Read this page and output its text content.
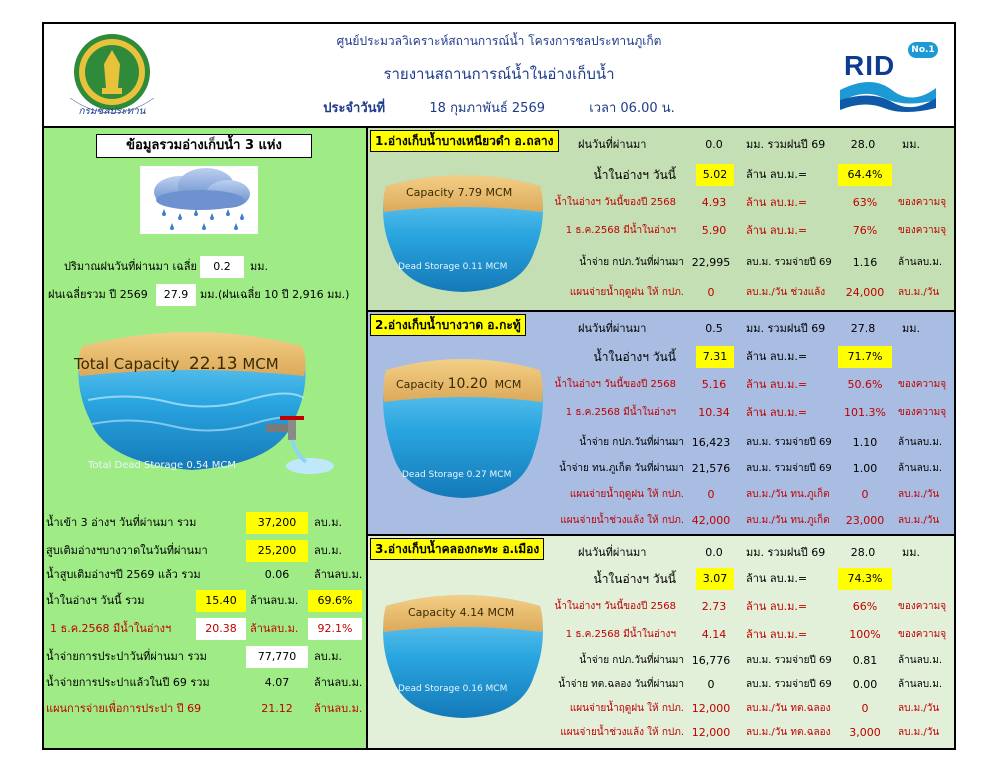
กรมชลประทาน
ศูนย์ประมวลวิเคราะห์สถานการณ์น้ำ โครงการชลประทานภูเก็ต
รายงานสถานการณ์น้ำในอ่างเก็บน้ำ
ประจำวันที่	18 กุมภาพันธ์ 2569	เวลา 06.00 น.
RID	No.1
ข้อมูลรวมอ่างเก็บน้ำ 3 แห่ง
ปริมาณฝนวันที่ผ่านมา เฉลี่ย	0.2	มม.
ฝนเฉลี่ยรวม ปี 2569	27.9	มม.(ฝนเฉลี่ย 10 ปี 2,916 มม.)
Total Capacity 22.13 MCM
Total Dead Storage 0.54 MCM
น้ำเข้า 3 อ่างฯ วันที่ผ่านมา รวม	37,200	ลบ.ม.
สูบเติมอ่างฯบางวาดในวันที่ผ่านมา	25,200	ลบ.ม.
น้ำสูบเติมอ่างฯปี 2569 แล้ว รวม	0.06	ล้านลบ.ม.
น้ำในอ่างฯ วันนี้ รวม	15.40	ล้านลบ.ม.	69.6%
1 ธ.ค.2568 มีน้ำในอ่างฯ	20.38	ล้านลบ.ม.	92.1%
น้ำจ่ายการประปาวันที่ผ่านมา รวม	77,770	ลบ.ม.
น้ำจ่ายการประปาแล้วในปี 69 รวม	4.07	ล้านลบ.ม.
แผนการจ่ายเพื่อการประปา ปี 69	21.12	ล้านลบ.ม.
1.อ่างเก็บน้ำบางเหนียวดำ อ.ถลาง
Capacity 7.79 MCM
Dead Storage 0.11 MCM
ฝนวันที่ผ่านมา	0.0	มม. รวมฝนปี 69	28.0	มม.
น้ำในอ่างฯ วันนี้	5.02	ล้าน ลบ.ม.=	64.4%
น้ำในอ่างฯ วันนี้ของปี 2568	4.93	ล้าน ลบ.ม.=	63%	ของความจุ
1 ธ.ค.2568 มีน้ำในอ่างฯ	5.90	ล้าน ลบ.ม.=	76%	ของความจุ
น้ำจ่าย กปภ.วันที่ผ่านมา 22,995	ลบ.ม. รวมจ่ายปี 69	1.16	ล้านลบ.ม.
แผนจ่ายน้ำฤดูฝน ให้ กปภ.	0	ลบ.ม./วัน ช่วงแล้ง	24,000	ลบ.ม./วัน
2.อ่างเก็บน้ำบางวาด อ.กะทู้
Capacity 10.20 MCM
Dead Storage 0.27 MCM
ฝนวันที่ผ่านมา	0.5	มม. รวมฝนปี 69	27.8	มม.
น้ำในอ่างฯ วันนี้	7.31	ล้าน ลบ.ม.=	71.7%
น้ำในอ่างฯ วันนี้ของปี 2568	5.16	ล้าน ลบ.ม.=	50.6%	ของความจุ
1 ธ.ค.2568 มีน้ำในอ่างฯ	10.34	ล้าน ลบ.ม.=	101.3%	ของความจุ
น้ำจ่าย กปภ.วันที่ผ่านมา 16,423	ลบ.ม. รวมจ่ายปี 69	1.10	ล้านลบ.ม.
น้ำจ่าย ทน.ภูเก็ต วันที่ผ่านมา 21,576	ลบ.ม. รวมจ่ายปี 69	1.00	ล้านลบ.ม.
แผนจ่ายน้ำฤดูฝน ให้ กปภ.	0	ลบ.ม./วัน ทน.ภูเก็ต	0	ลบ.ม./วัน
แผนจ่ายน้ำช่วงแล้ง ให้ กปภ. 42,000	ลบ.ม./วัน ทน.ภูเก็ต	23,000	ลบ.ม./วัน
3.อ่างเก็บน้ำคลองกะทะ อ.เมือง
Capacity 4.14 MCM
Dead Storage 0.16 MCM
ฝนวันที่ผ่านมา	0.0	มม. รวมฝนปี 69	28.0	มม.
น้ำในอ่างฯ วันนี้	3.07	ล้าน ลบ.ม.=	74.3%
น้ำในอ่างฯ วันนี้ของปี 2568	2.73	ล้าน ลบ.ม.=	66%	ของความจุ
1 ธ.ค.2568 มีน้ำในอ่างฯ	4.14	ล้าน ลบ.ม.=	100%	ของความจุ
น้ำจ่าย กปภ.วันที่ผ่านมา 16,776	ลบ.ม. รวมจ่ายปี 69	0.81	ล้านลบ.ม.
น้ำจ่าย ทต.ฉลอง วันที่ผ่านมา	0	ลบ.ม. รวมจ่ายปี 69	0.00	ล้านลบ.ม.
แผนจ่ายน้ำฤดูฝน ให้ กปภ. 12,000	ลบ.ม./วัน ทต.ฉลอง	0	ลบ.ม./วัน
แผนจ่ายน้ำช่วงแล้ง ให้ กปภ. 12,000	ลบ.ม./วัน ทต.ฉลอง	3,000	ลบ.ม./วัน
